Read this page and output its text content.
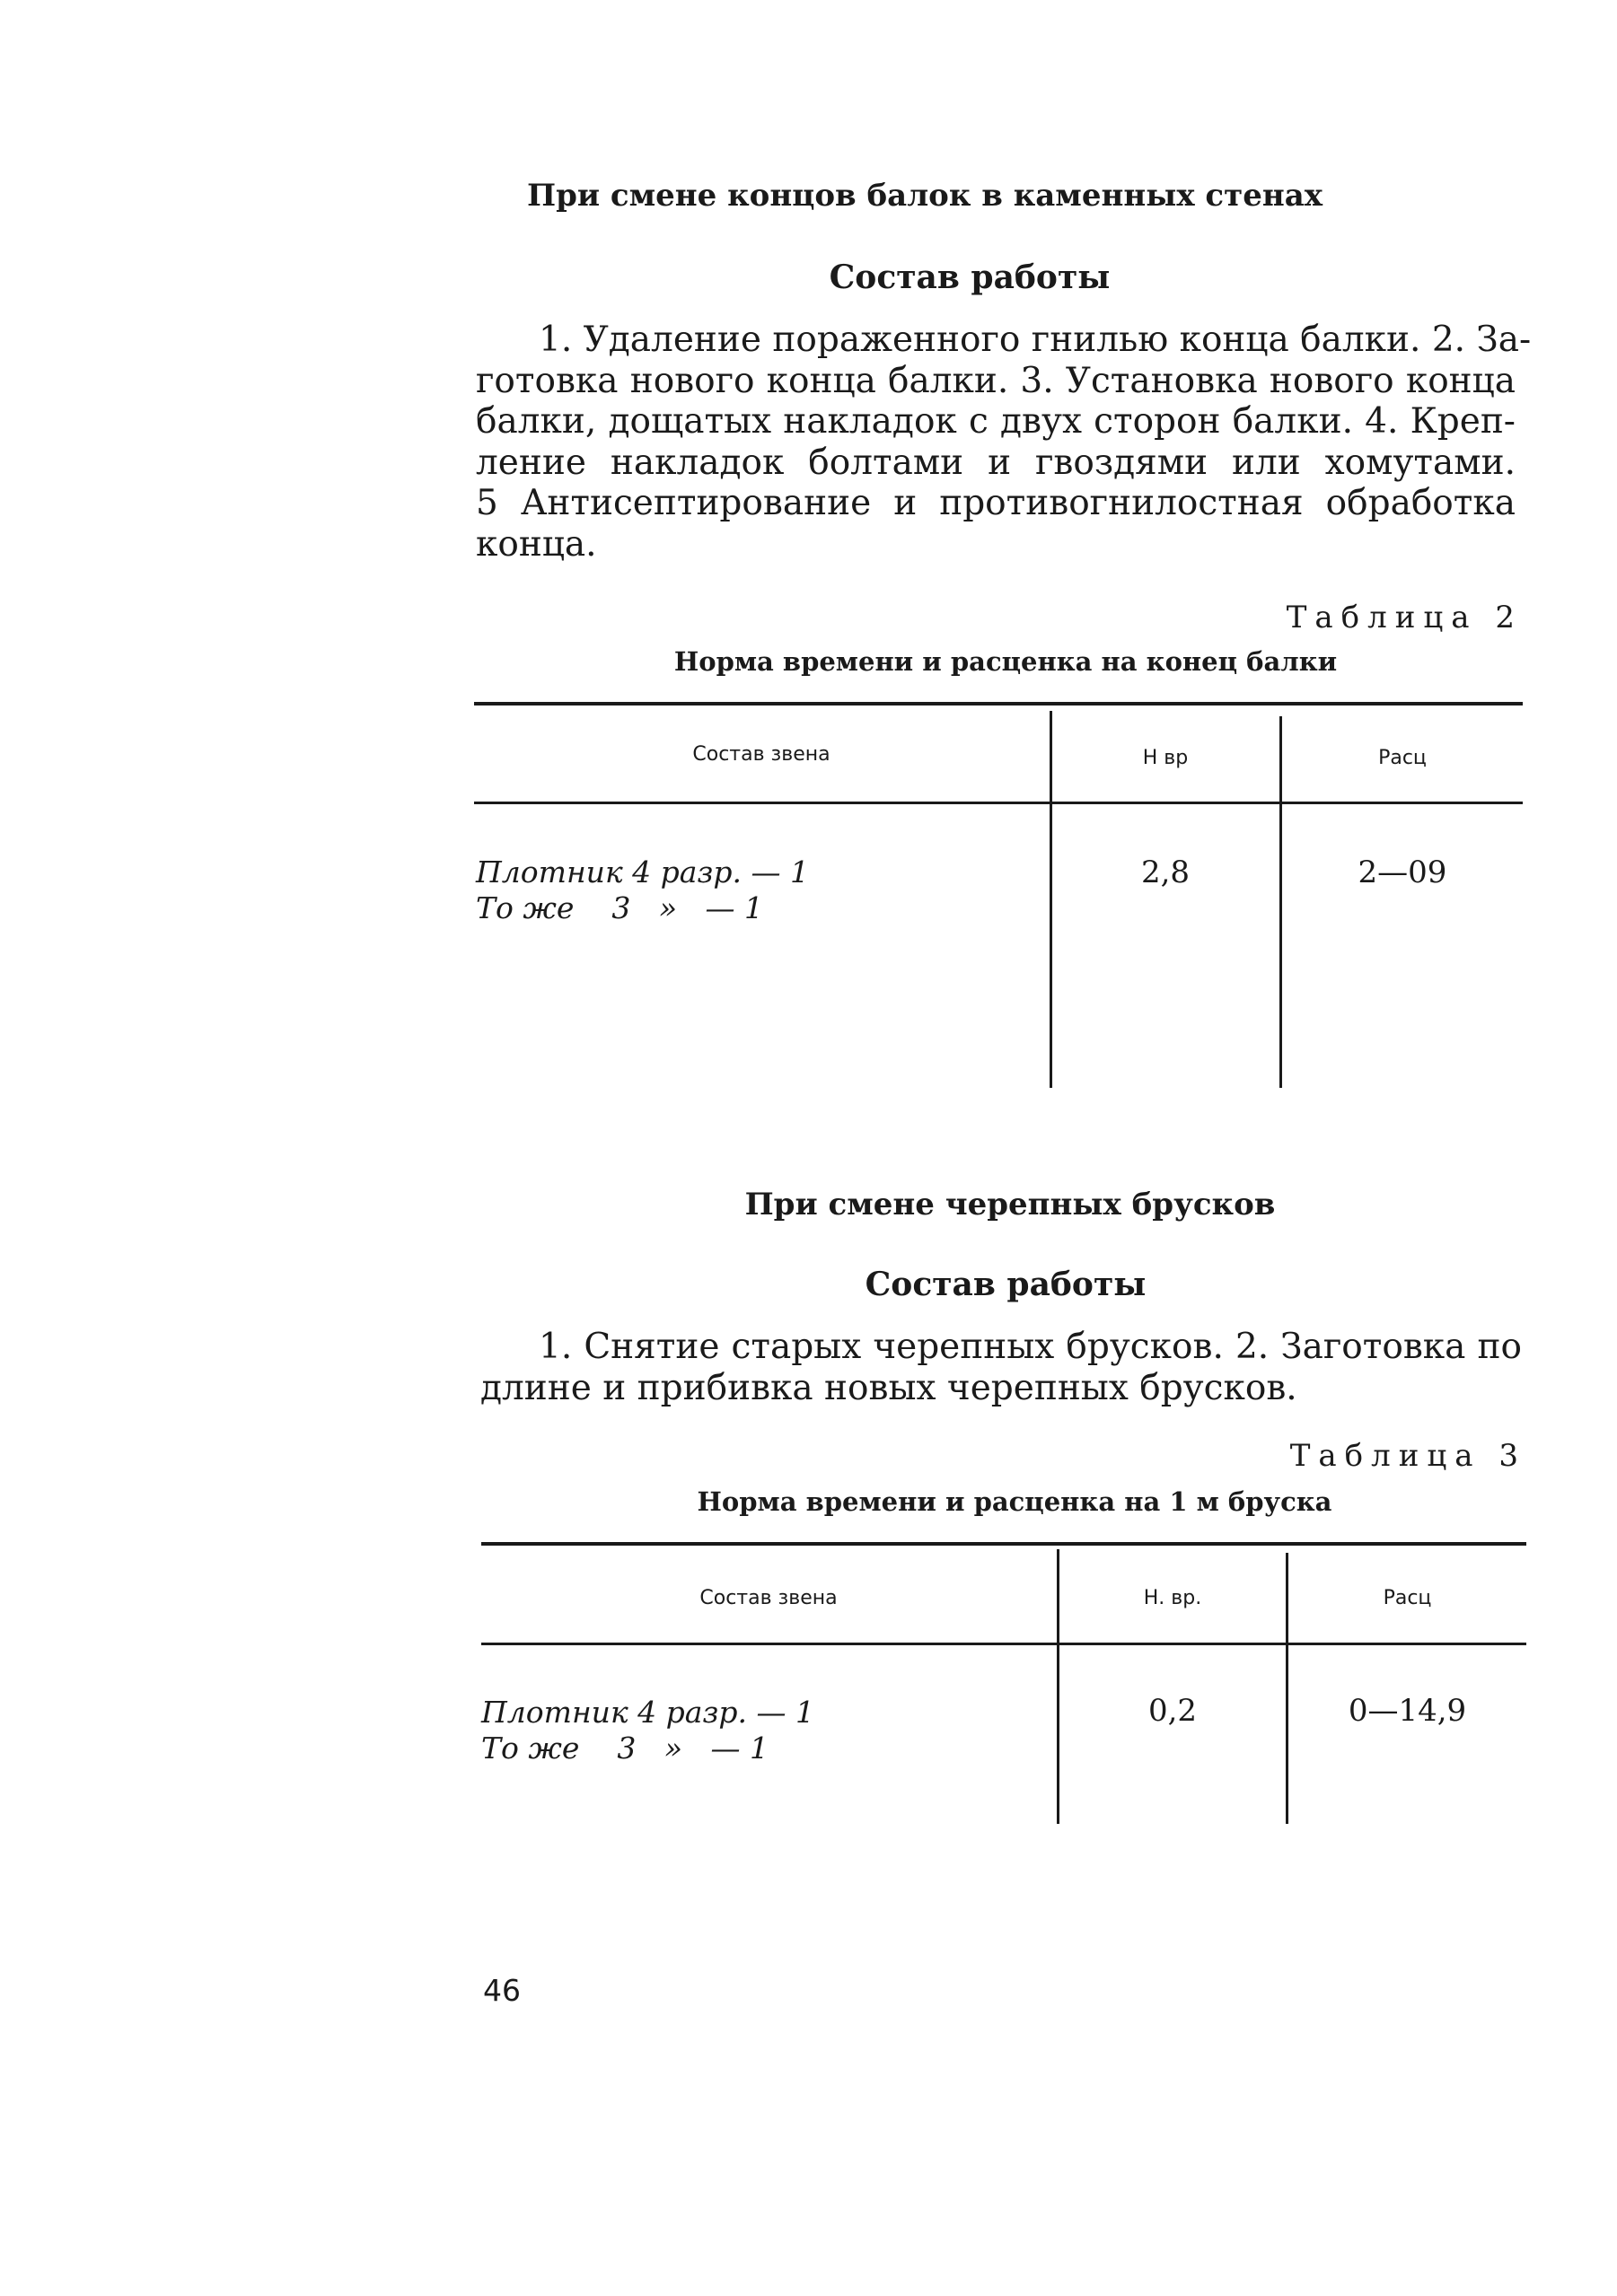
При смене концов балок в каменных стенах
Состав работы
1. Удаление пораженного гнилью конца балки. 2. За-
готовка нового конца балки. 3. Установка нового конца
балки, дощатых накладок с двух сторон балки. 4. Креп-
ление накладок болтами и гвоздями или хомутами.
5 Антисептирование и противогнилостная обработка
конца.
Таблица 2
Норма времени и расценка на конец балки
Состав звена	Н вр	Расц
Плотник 4 разр. — 1
То же    3   »   — 1
2,8	2—09
При смене черепных брусков
Состав работы
1. Снятие старых черепных брусков. 2. Заготовка по
длине и прибивка новых черепных брусков.
Таблица 3
Норма времени и расценка на 1 м бруска
Состав звена	Н. вр.	Расц
Плотник 4 разр. — 1
То же    3   »   — 1
0,2	0—14,9
46
